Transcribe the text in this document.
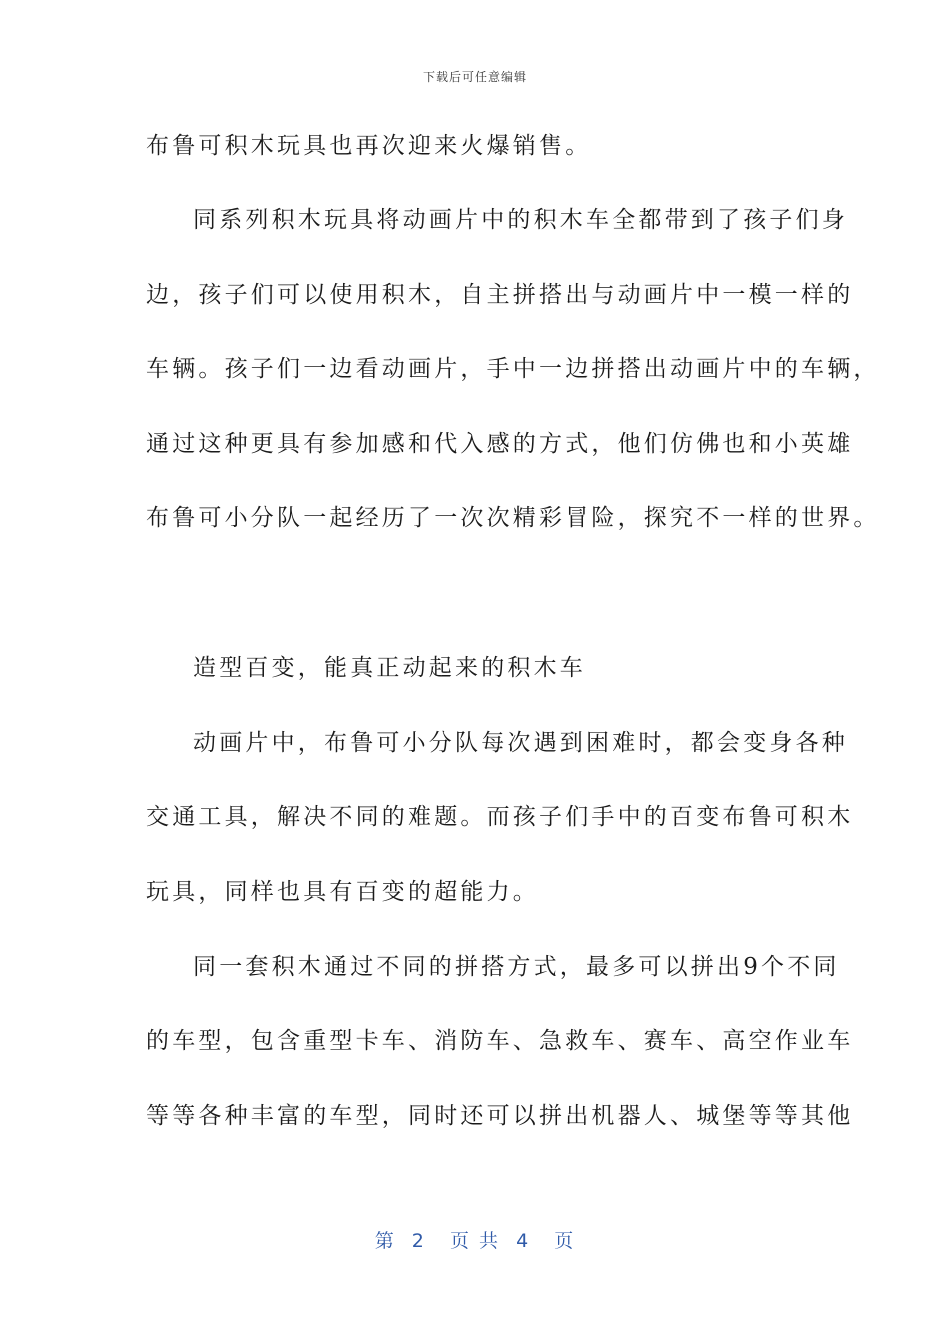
下载后可任意编辑
布鲁可积木玩具也再次迎来火爆销售。
同系列积木玩具将动画片中的积木车全都带到了孩子们身
边，孩子们可以使用积木，自主拼搭出与动画片中一模一样的
车辆。孩子们一边看动画片，手中一边拼搭出动画片中的车辆，
通过这种更具有参加感和代入感的方式，他们仿佛也和小英雄
布鲁可小分队一起经历了一次次精彩冒险，探究不一样的世界。
造型百变，能真正动起来的积木车
动画片中，布鲁可小分队每次遇到困难时，都会变身各种
交通工具，解决不同的难题。而孩子们手中的百变布鲁可积木
玩具，同样也具有百变的超能力。
同一套积木通过不同的拼搭方式，最多可以拼出9个不同
的车型，包含重型卡车、消防车、急救车、赛车、高空作业车
等等各种丰富的车型，同时还可以拼出机器人、城堡等等其他
第  2   页 共  4   页
